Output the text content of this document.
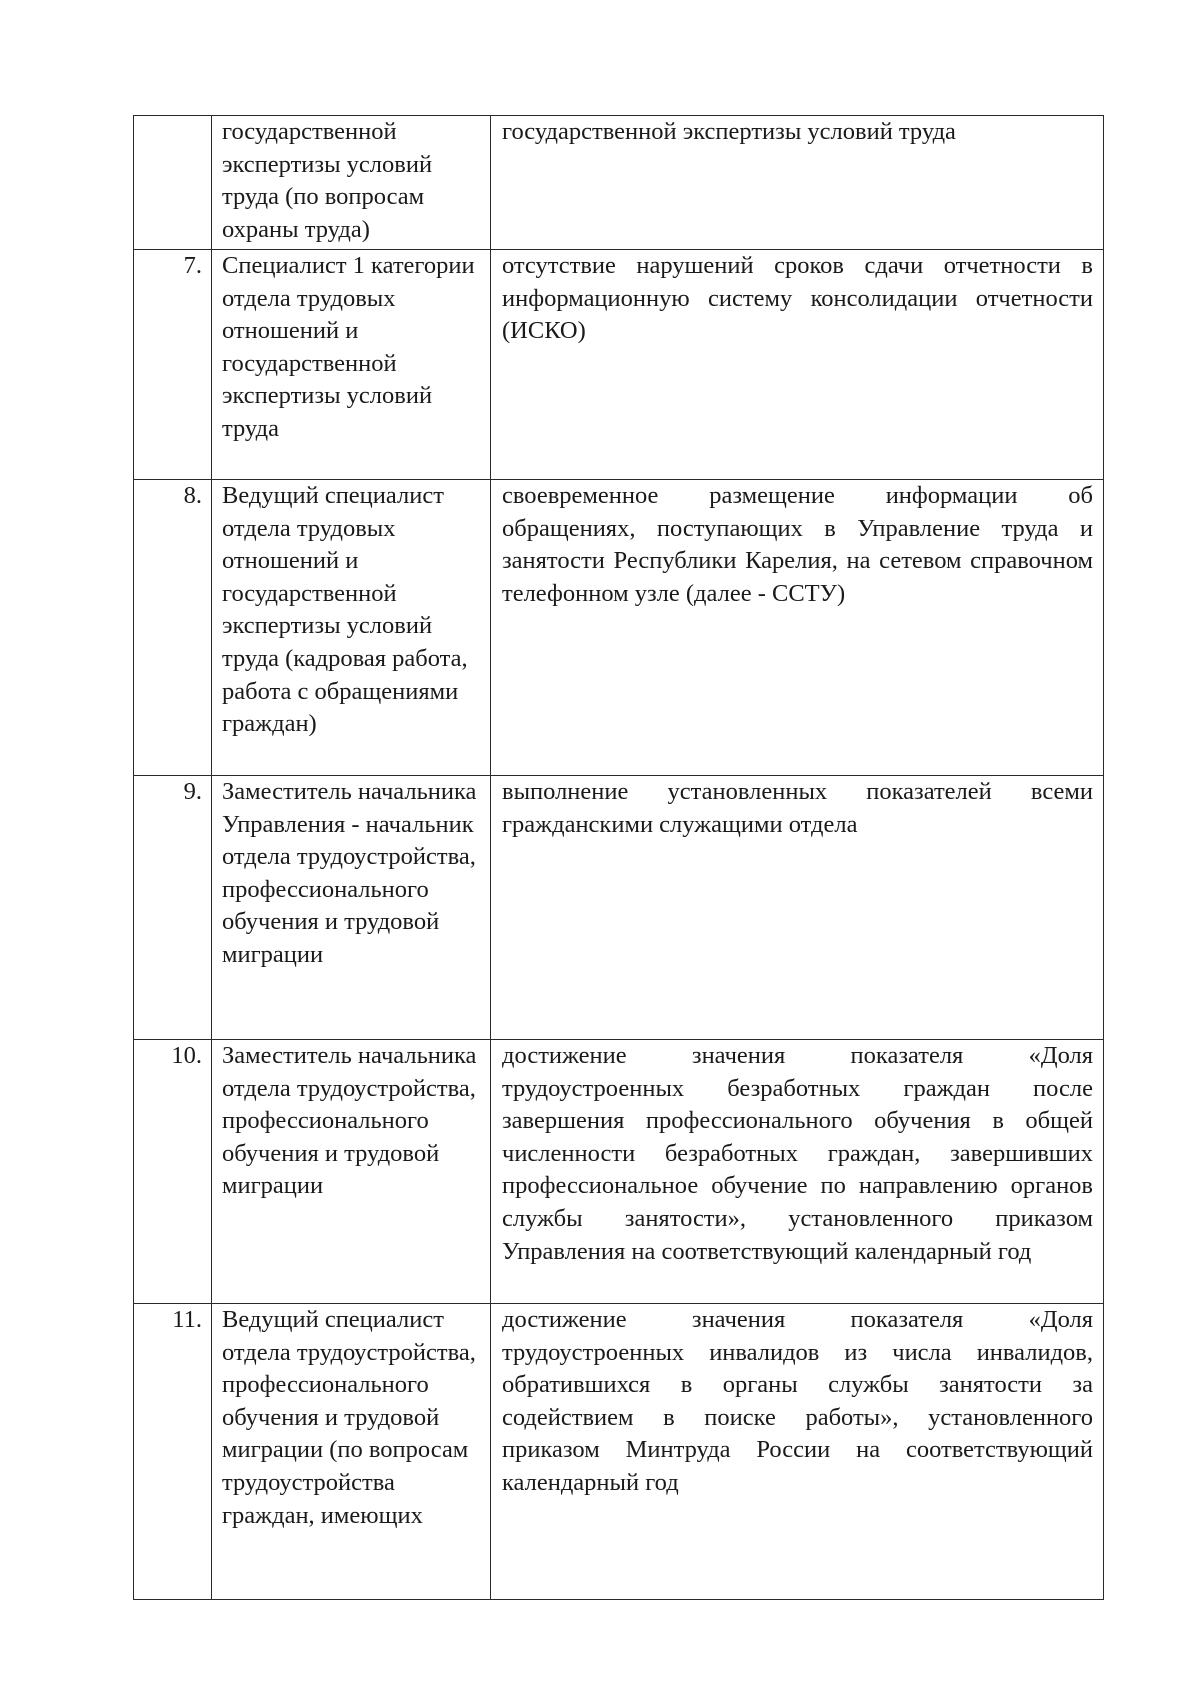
	государственной экспертизы условий труда (по вопросам охраны труда)	государственной экспертизы условий труда

7.	Специалист 1 категории отдела трудовых отношений и государственной экспертизы условий труда	отсутствие нарушений сроков сдачи отчетности в информационную систему консолидации отчетности (ИСКО)

8.	Ведущий специалист отдела трудовых отношений и государственной экспертизы условий труда (кадровая работа, работа с обращениями граждан)	своевременное размещение информации об обращениях, поступающих в Управление труда и занятости Республики Карелия, на сетевом справочном телефонном узле (далее - ССТУ)

9.	Заместитель начальника Управления - начальник отдела трудоустройства, профессионального обучения и трудовой миграции	выполнение установленных показателей всеми гражданскими служащими отдела

10.	Заместитель начальника отдела трудоустройства, профессионального обучения и трудовой миграции	достижение значения показателя «Доля трудоустроенных безработных граждан после завершения профессионального обучения в общей численности безработных граждан, завершивших профессиональное обучение по направлению органов службы занятости», установленного приказом Управления на соответствующий календарный год

11.	Ведущий специалист отдела трудоустройства, профессионального обучения и трудовой миграции (по вопросам трудоустройства граждан, имеющих	достижение значения показателя «Доля трудоустроенных инвалидов из числа инвалидов, обратившихся в органы службы занятости за содействием в поиске работы», установленного приказом Минтруда России на соответствующий календарный год
